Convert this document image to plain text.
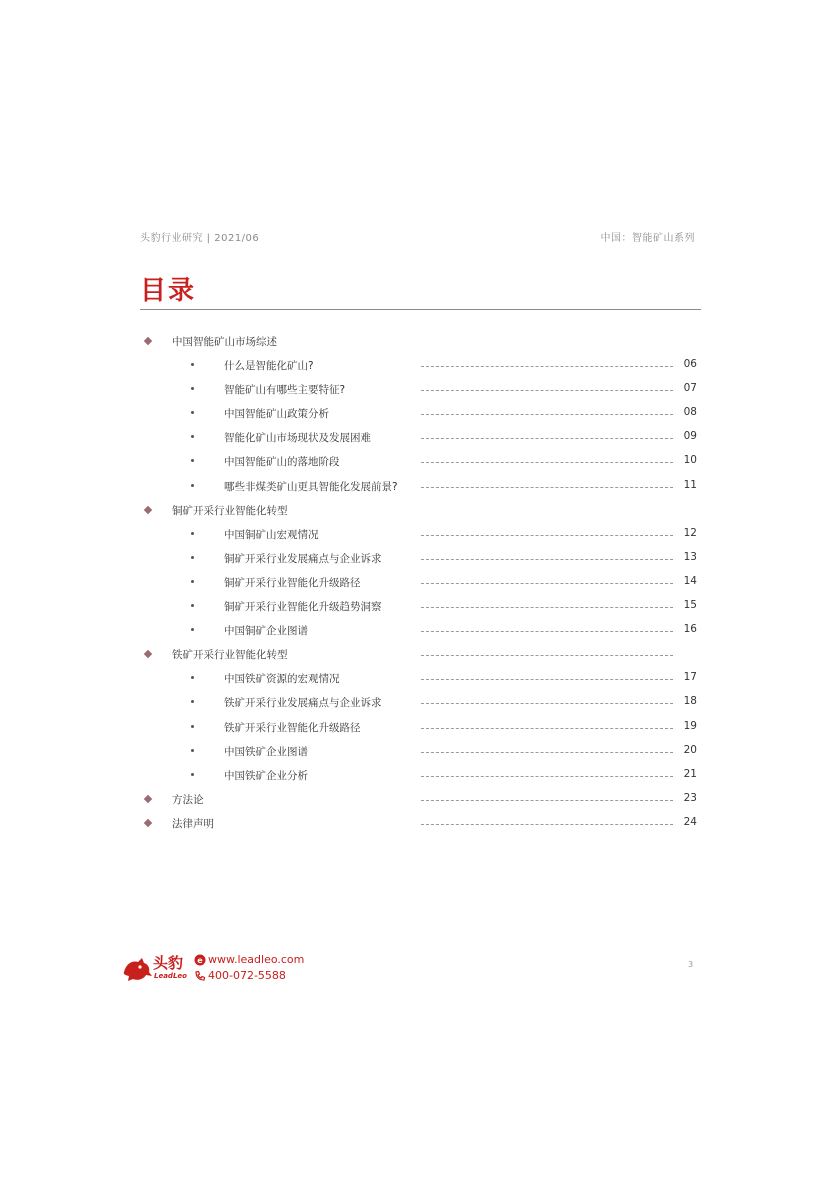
头豹行业研究 | 2021/06	中国：智能矿山系列
目录
中国智能矿山市场综述
什么是智能化矿山?	06
智能矿山有哪些主要特征?	07
中国智能矿山政策分析	08
智能化矿山市场现状及发展困难	09
中国智能矿山的落地阶段	10
哪些非煤类矿山更具智能化发展前景?	11
铜矿开采行业智能化转型
中国铜矿山宏观情况	12
铜矿开采行业发展痛点与企业诉求	13
铜矿开采行业智能化升级路径	14
铜矿开采行业智能化升级趋势洞察	15
中国铜矿企业图谱	16
铁矿开采行业智能化转型
中国铁矿资源的宏观情况	17
铁矿开采行业发展痛点与企业诉求	18
铁矿开采行业智能化升级路径	19
中国铁矿企业图谱	20
中国铁矿企业分析	21
方法论	23
法律声明	24
头豹
LeadLeo
e www.leadleo.com
400-072-5588
3
